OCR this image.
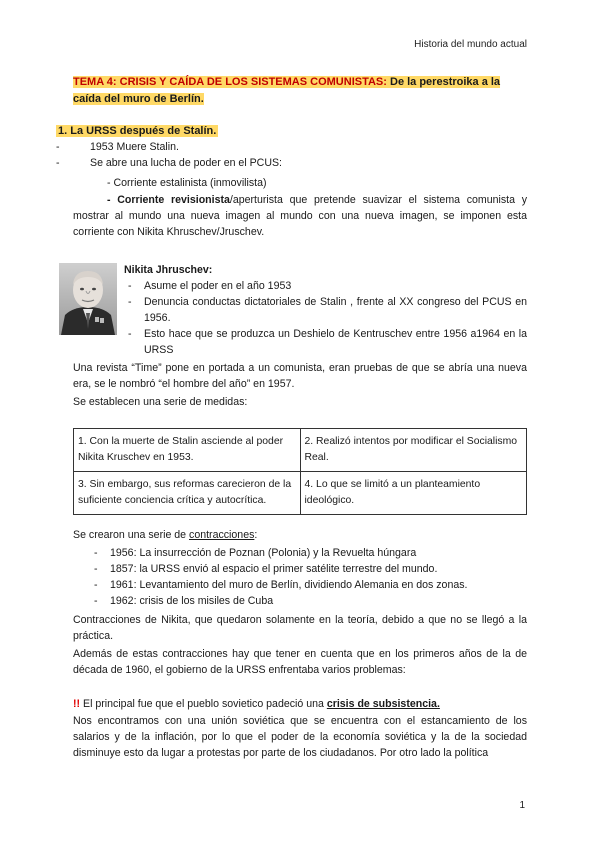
Historia del mundo actual
TEMA 4: CRISIS Y CAÍDA DE LOS SISTEMAS COMUNISTAS: De la perestroika a la caída del muro de Berlín.
1. La URSS después de Stalín.
-	1953 Muere Stalin.
-	Se abre una lucha de poder en el PCUS:
- Corriente estalinista (inmovilista)
- Corriente revisionista/aperturista que pretende suavizar el sistema comunista y mostrar al mundo una nueva imagen al mundo con una nueva imagen, se imponen esta corriente con Nikita Khruschev/Jruschev.
Nikita Jhruschev:
- Asume el poder en el año 1953
- Denuncia conductas dictatoriales de Stalin , frente al XX congreso del PCUS en 1956.
- Esto hace que se produzca un Deshielo de Kentruschev entre 1956 a1964 en la URSS
Una revista “Time” pone en portada a un comunista, eran pruebas de que se abría una nueva era, se le nombró “el hombre del año” en 1957.
Se establecen una serie de medidas:
1. Con la muerte de Stalin asciende al poder Nikita Kruschev en 1953.	2. Realizó intentos por modificar el Socialismo Real.
3. Sin embargo, sus reformas carecieron de la suficiente conciencia crítica y autocrítica.	4. Lo que se limitó a un planteamiento ideológico.
Se crearon una serie de contracciones:
- 1956: La insurrección de Poznan (Polonia) y la Revuelta húngara
- 1857: la URSS envió al espacio el primer satélite terrestre del mundo.
- 1961: Levantamiento del muro de Berlín, dividiendo Alemania en dos zonas.
- 1962: crisis de los misiles de Cuba
Contracciones de Nikita, que quedaron solamente en la teoría, debido a que no se llegó a la práctica.
Además de estas contracciones hay que tener en cuenta que en los primeros años de la de década de 1960, el gobierno de la URSS enfrentaba varios problemas:
!! El principal fue que el pueblo sovietico padeció una crisis de subsistencia.
Nos encontramos con una unión soviética que se encuentra con el estancamiento de los salarios y de la inflación, por lo que el poder de la economía soviética y la de la sociedad disminuye esto da lugar a protestas por parte de los ciudadanos. Por otro lado la política
1
